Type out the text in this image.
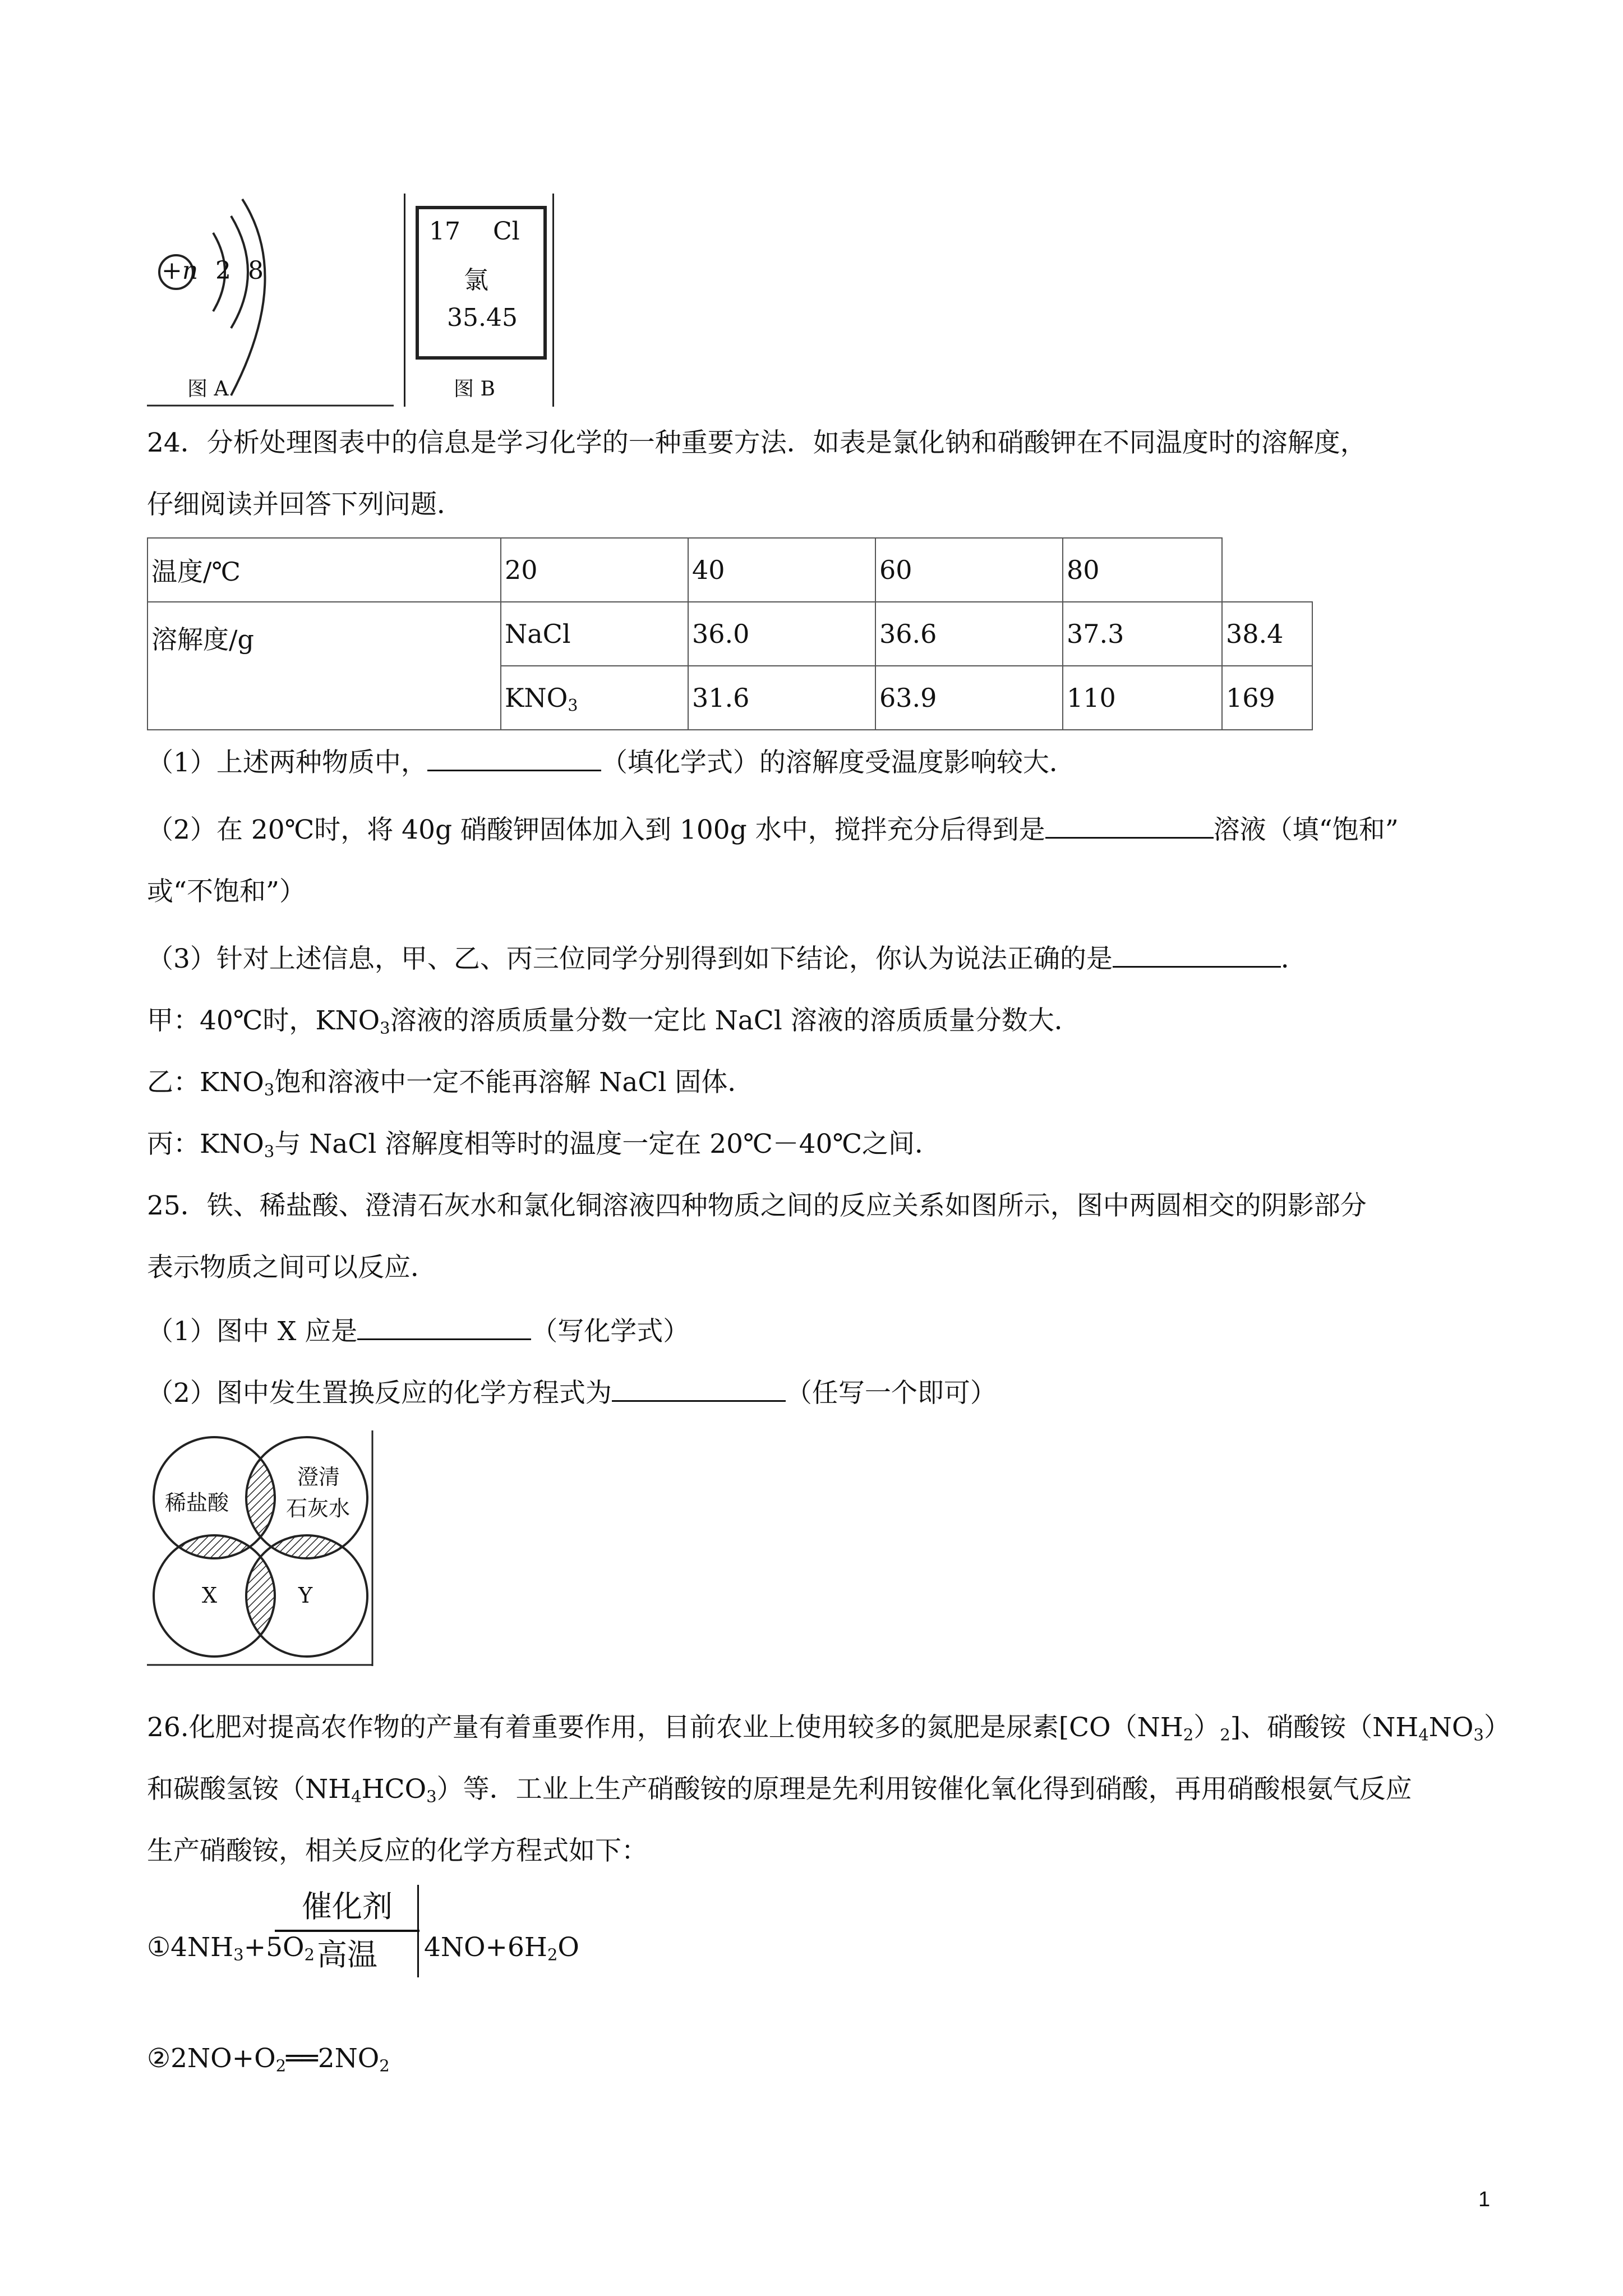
+n 2 8
图 A
17 Cl
氯
35.45
图 B
24．分析处理图表中的信息是学习化学的一种重要方法．如表是氯化钠和硝酸钾在不同温度时的溶解度，
仔细阅读并回答下列问题．
温度/℃	20	40	60	80		
溶解度/g	NaCl	36.0	36.6	37.3	38.4	
	$KNO_3$	31.6	63.9	110	169	
（1）上述两种物质中，	（填化学式）的溶解度受温度影响较大．
（2）在 20℃时，将 40g 硝酸钾固体加入到 100g 水中，搅拌充分后得到是	溶液（填“饱和”
或“不饱和”）
（3）针对上述信息，甲、乙、丙三位同学分别得到如下结论，你认为说法正确的是	．
甲：40℃时，$KNO_3$溶液的溶质质量分数一定比 NaCl 溶液的溶质质量分数大．
乙：$KNO_3$饱和溶液中一定不能再溶解 NaCl 固体．
丙：$KNO_3$与 NaCl 溶解度相等时的温度一定在 20℃－40℃之间．
25．铁、稀盐酸、澄清石灰水和氯化铜溶液四种物质之间的反应关系如图所示，图中两圆相交的阴影部分
表示物质之间可以反应．
（1）图中 X 应是	（写化学式）
（2）图中发生置换反应的化学方程式为	（任写一个即可）
稀盐酸
澄清
石灰水
X	Y
26.化肥对提高农作物的产量有着重要作用，目前农业上使用较多的氮肥是尿素$[CO(NH_2)_2]$、硝酸铵$(NH_4NO_3)$
和碳酸氢铵$(NH_4HCO_3)$等．工业上生产硝酸铵的原理是先利用铵催化氧化得到硝酸，再用硝酸根氨气反应
生产硝酸铵，相关反应的化学方程式如下：
$①4NH_3+5O_2$
催化剂
高温	$4NO+6H_2O$
$②2NO+O_2══2NO_2$
1
